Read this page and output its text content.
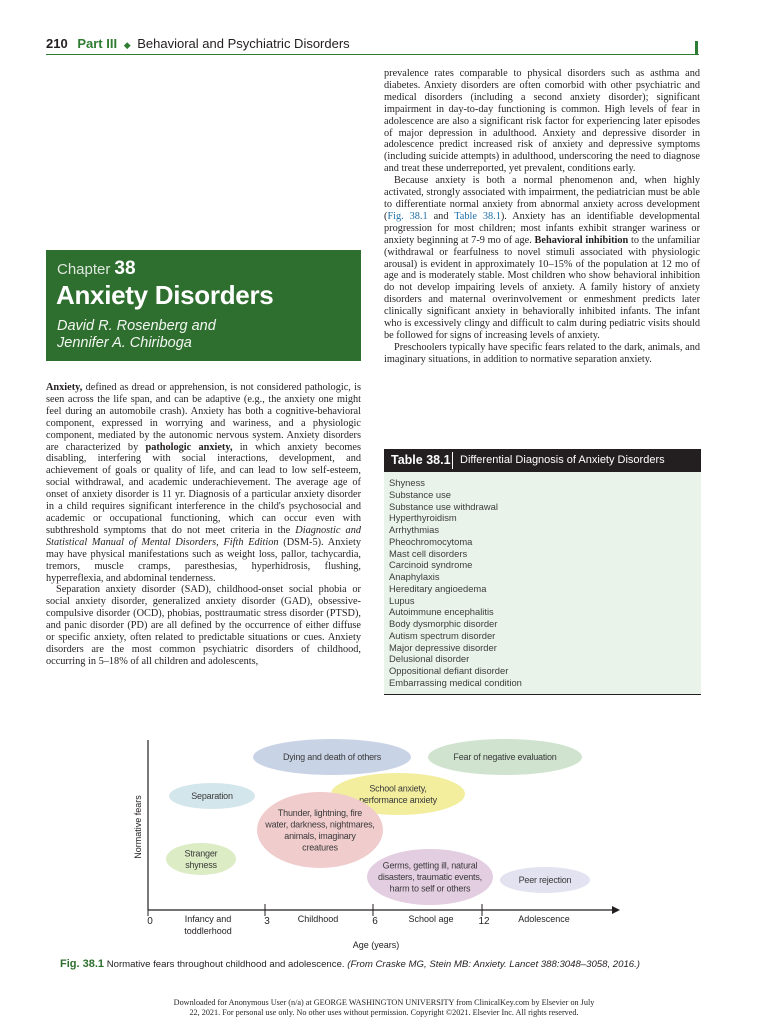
210 Part III ◆ Behavioral and Psychiatric Disorders
Chapter 38
Anxiety Disorders
David R. Rosenberg and
Jennifer A. Chiriboga

Anxiety, defined as dread or apprehension, is not considered pathologic, is seen across the life span, and can be adaptive (e.g., the anxiety one might feel during an automobile crash). Anxiety has both a cognitive-behavioral component, expressed in worrying and wariness, and a physiologic component, mediated by the autonomic nervous system. Anxiety disorders are characterized by pathologic anxiety, in which anxiety becomes disabling, interfering with social interactions, development, and achievement of goals or quality of life, and can lead to low self-esteem, social withdrawal, and academic underachievement. The average age of onset of anxiety disorder is 11 yr. Diagnosis of a particular anxiety disorder in a child requires significant interference in the child's psychosocial and academic or occupational functioning, which can occur even with subthreshold symptoms that do not meet criteria in the Diagnostic and Statistical Manual of Mental Disorders, Fifth Edition (DSM-5). Anxiety may have physical manifestations such as weight loss, pallor, tachycardia, tremors, muscle cramps, paresthesias, hyperhidrosis, flushing, hyperreflexia, and abdominal tenderness.

Separation anxiety disorder (SAD), childhood-onset social phobia or social anxiety disorder, generalized anxiety disorder (GAD), obsessive-compulsive disorder (OCD), phobias, posttraumatic stress disorder (PTSD), and panic disorder (PD) are all defined by the occurrence of either diffuse or specific anxiety, often related to predictable situations or cues. Anxiety disorders are the most common psychiatric disorders of childhood, occurring in 5–18% of all children and adolescents,

prevalence rates comparable to physical disorders such as asthma and diabetes. Anxiety disorders are often comorbid with other psychiatric and medical disorders (including a second anxiety disorder); significant impairment in day-to-day functioning is common. High levels of fear in adolescence are also a significant risk factor for experiencing later episodes of major depression in adulthood. Anxiety and depressive disorder in adolescence predict increased risk of anxiety and depressive symptoms (including suicide attempts) in adulthood, underscoring the need to diagnose and treat these underreported, yet prevalent, conditions early.

Because anxiety is both a normal phenomenon and, when highly activated, strongly associated with impairment, the pediatrician must be able to differentiate normal anxiety from abnormal anxiety across development (Fig. 38.1 and Table 38.1). Anxiety has an identifiable developmental progression for most children; most infants exhibit stranger wariness or anxiety beginning at 7-9 mo of age. Behavioral inhibition to the unfamiliar (withdrawal or fearfulness to novel stimuli associated with physiologic arousal) is evident in approximately 10–15% of the population at 12 mo of age and is moderately stable. Most children who show behavioral inhibition do not develop impairing levels of anxiety. A family history of anxiety disorders and maternal overinvolvement or enmeshment predicts later clinically significant anxiety in behaviorally inhibited infants. The infant who is excessively clingy and difficult to calm during pediatric visits should be followed for signs of increasing levels of anxiety.

Preschoolers typically have specific fears related to the dark, animals, and imaginary situations, in addition to normative separation anxiety.

Table 38.1 Differential Diagnosis of Anxiety Disorders
Shyness
Substance use
Substance use withdrawal
Hyperthyroidism
Arrhythmias
Pheochromocytoma
Mast cell disorders
Carcinoid syndrome
Anaphylaxis
Hereditary angioedema
Lupus
Autoimmune encephalitis
Body dysmorphic disorder
Autism spectrum disorder
Major depressive disorder
Delusional disorder
Oppositional defiant disorder
Embarrassing medical condition
Dying and death of others	Fear of negative evaluation
Separation
School anxiety, performance anxiety
Thunder, lightning, fire water, darkness, nightmares, animals, imaginary creatures
Stranger shyness	Germs, getting ill, natural disasters, traumatic events, harm to self or others
Peer rejection
0	3	6	12
Infancy and toddlerhood
Childhood	School age	Adolescence
Normative fears
Age (years)
Fig. 38.1 Normative fears throughout childhood and adolescence. (From Craske MG, Stein MB: Anxiety. Lancet 388:3048–3058, 2016.)
Downloaded for Anonymous User (n/a) at GEORGE WASHINGTON UNIVERSITY from ClinicalKey.com by Elsevier on July
22, 2021. For personal use only. No other uses without permission. Copyright ©2021. Elsevier Inc. All rights reserved.
